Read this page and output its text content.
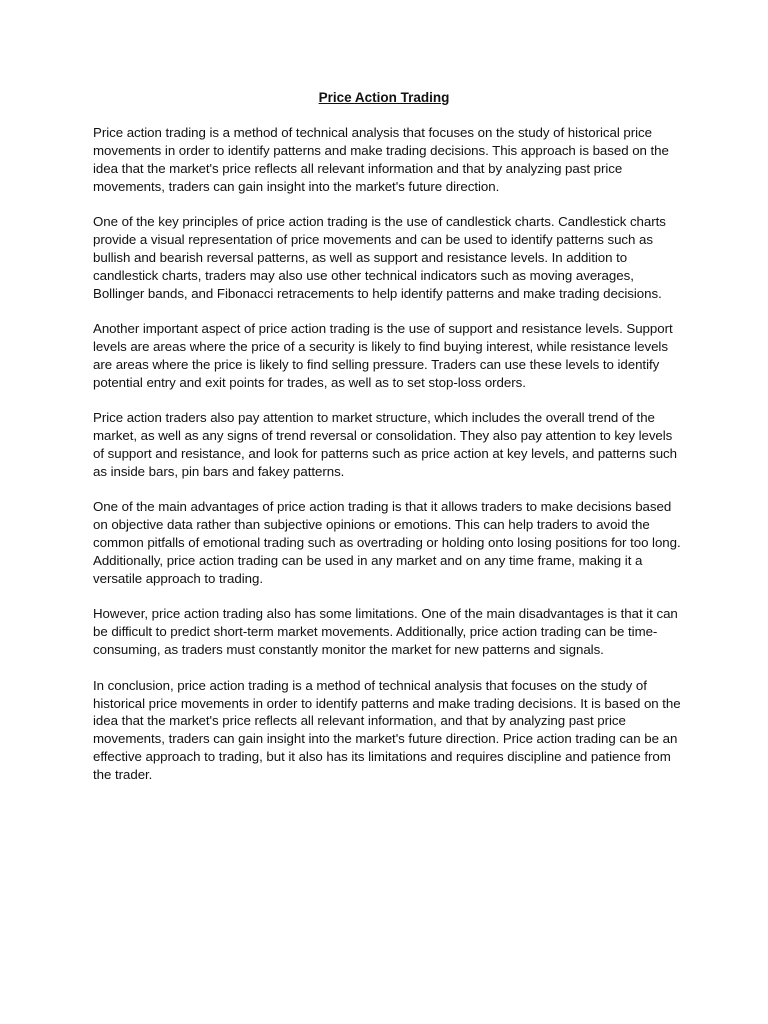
Price Action Trading

Price action trading is a method of technical analysis that focuses on the study of historical price movements in order to identify patterns and make trading decisions. This approach is based on the idea that the market's price reflects all relevant information and that by analyzing past price movements, traders can gain insight into the market's future direction.

One of the key principles of price action trading is the use of candlestick charts. Candlestick charts provide a visual representation of price movements and can be used to identify patterns such as bullish and bearish reversal patterns, as well as support and resistance levels. In addition to candlestick charts, traders may also use other technical indicators such as moving averages, Bollinger bands, and Fibonacci retracements to help identify patterns and make trading decisions.

Another important aspect of price action trading is the use of support and resistance levels. Support levels are areas where the price of a security is likely to find buying interest, while resistance levels are areas where the price is likely to find selling pressure. Traders can use these levels to identify potential entry and exit points for trades, as well as to set stop-loss orders.

Price action traders also pay attention to market structure, which includes the overall trend of the market, as well as any signs of trend reversal or consolidation. They also pay attention to key levels of support and resistance, and look for patterns such as price action at key levels, and patterns such as inside bars, pin bars and fakey patterns.

One of the main advantages of price action trading is that it allows traders to make decisions based on objective data rather than subjective opinions or emotions. This can help traders to avoid the common pitfalls of emotional trading such as overtrading or holding onto losing positions for too long. Additionally, price action trading can be used in any market and on any time frame, making it a versatile approach to trading.

However, price action trading also has some limitations. One of the main disadvantages is that it can be difficult to predict short-term market movements. Additionally, price action trading can be time-consuming, as traders must constantly monitor the market for new patterns and signals.

In conclusion, price action trading is a method of technical analysis that focuses on the study of historical price movements in order to identify patterns and make trading decisions. It is based on the idea that the market's price reflects all relevant information, and that by analyzing past price movements, traders can gain insight into the market's future direction. Price action trading can be an effective approach to trading, but it also has its limitations and requires discipline and patience from the trader.
